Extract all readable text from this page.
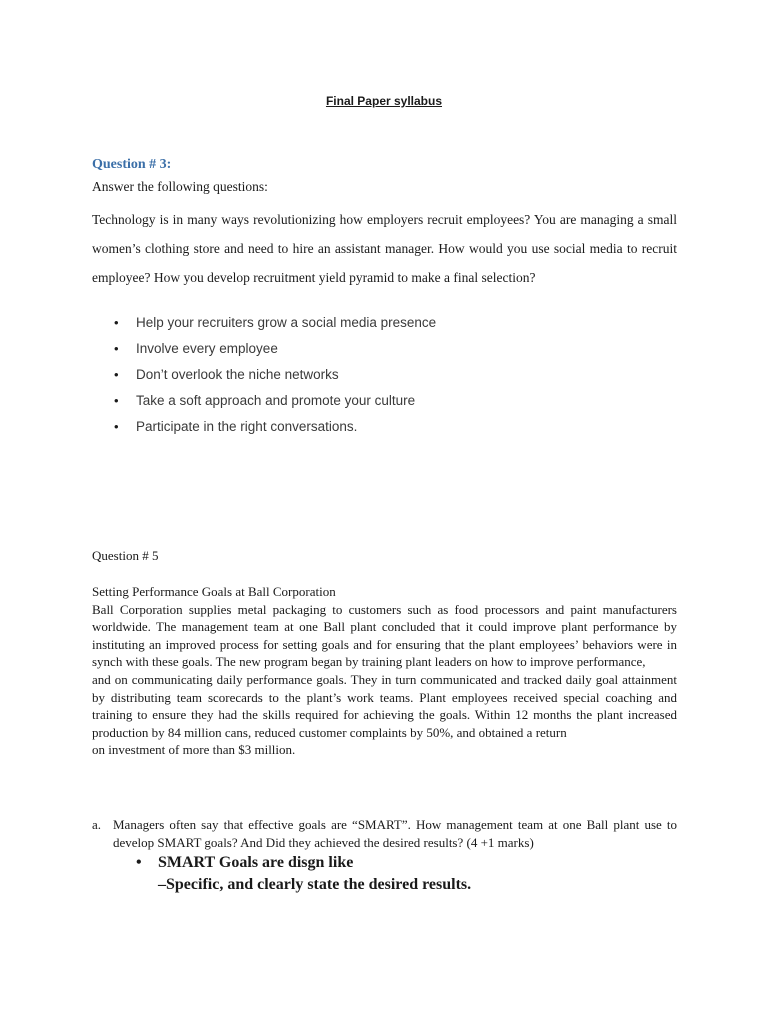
Final Paper syllabus
Question # 3:
Answer the following questions:
Technology is in many ways revolutionizing how employers recruit employees? You are managing a small women’s clothing store and need to hire an assistant manager. How would you use social media to recruit employee? How you develop recruitment yield pyramid to make a final selection?
• Help your recruiters grow a social media presence
• Involve every employee
• Don’t overlook the niche networks
• Take a soft approach and promote your culture
• Participate in the right conversations.
Question # 5
Setting Performance Goals at Ball Corporation

Ball Corporation supplies metal packaging to customers such as food processors and paint manufacturers worldwide. The management team at one Ball plant concluded that it could improve plant performance by instituting an improved process for setting goals and for ensuring that the plant employees’ behaviors were in synch with these goals. The new program began by training plant leaders on how to improve performance,

and on communicating daily performance goals. They in turn communicated and tracked daily goal attainment by distributing team scorecards to the plant’s work teams. Plant employees received special coaching and training to ensure they had the skills required for achieving the goals. Within 12 months the plant increased production by 84 million cans, reduced customer complaints by 50%, and obtained a return

on investment of more than $3 million.

a. Managers often say that effective goals are “SMART”. How management team at one Ball plant use to develop SMART goals? And Did they achieved the desired results? (4 +1 marks)
• SMART Goals are disgn like
–Specific, and clearly state the desired results.
